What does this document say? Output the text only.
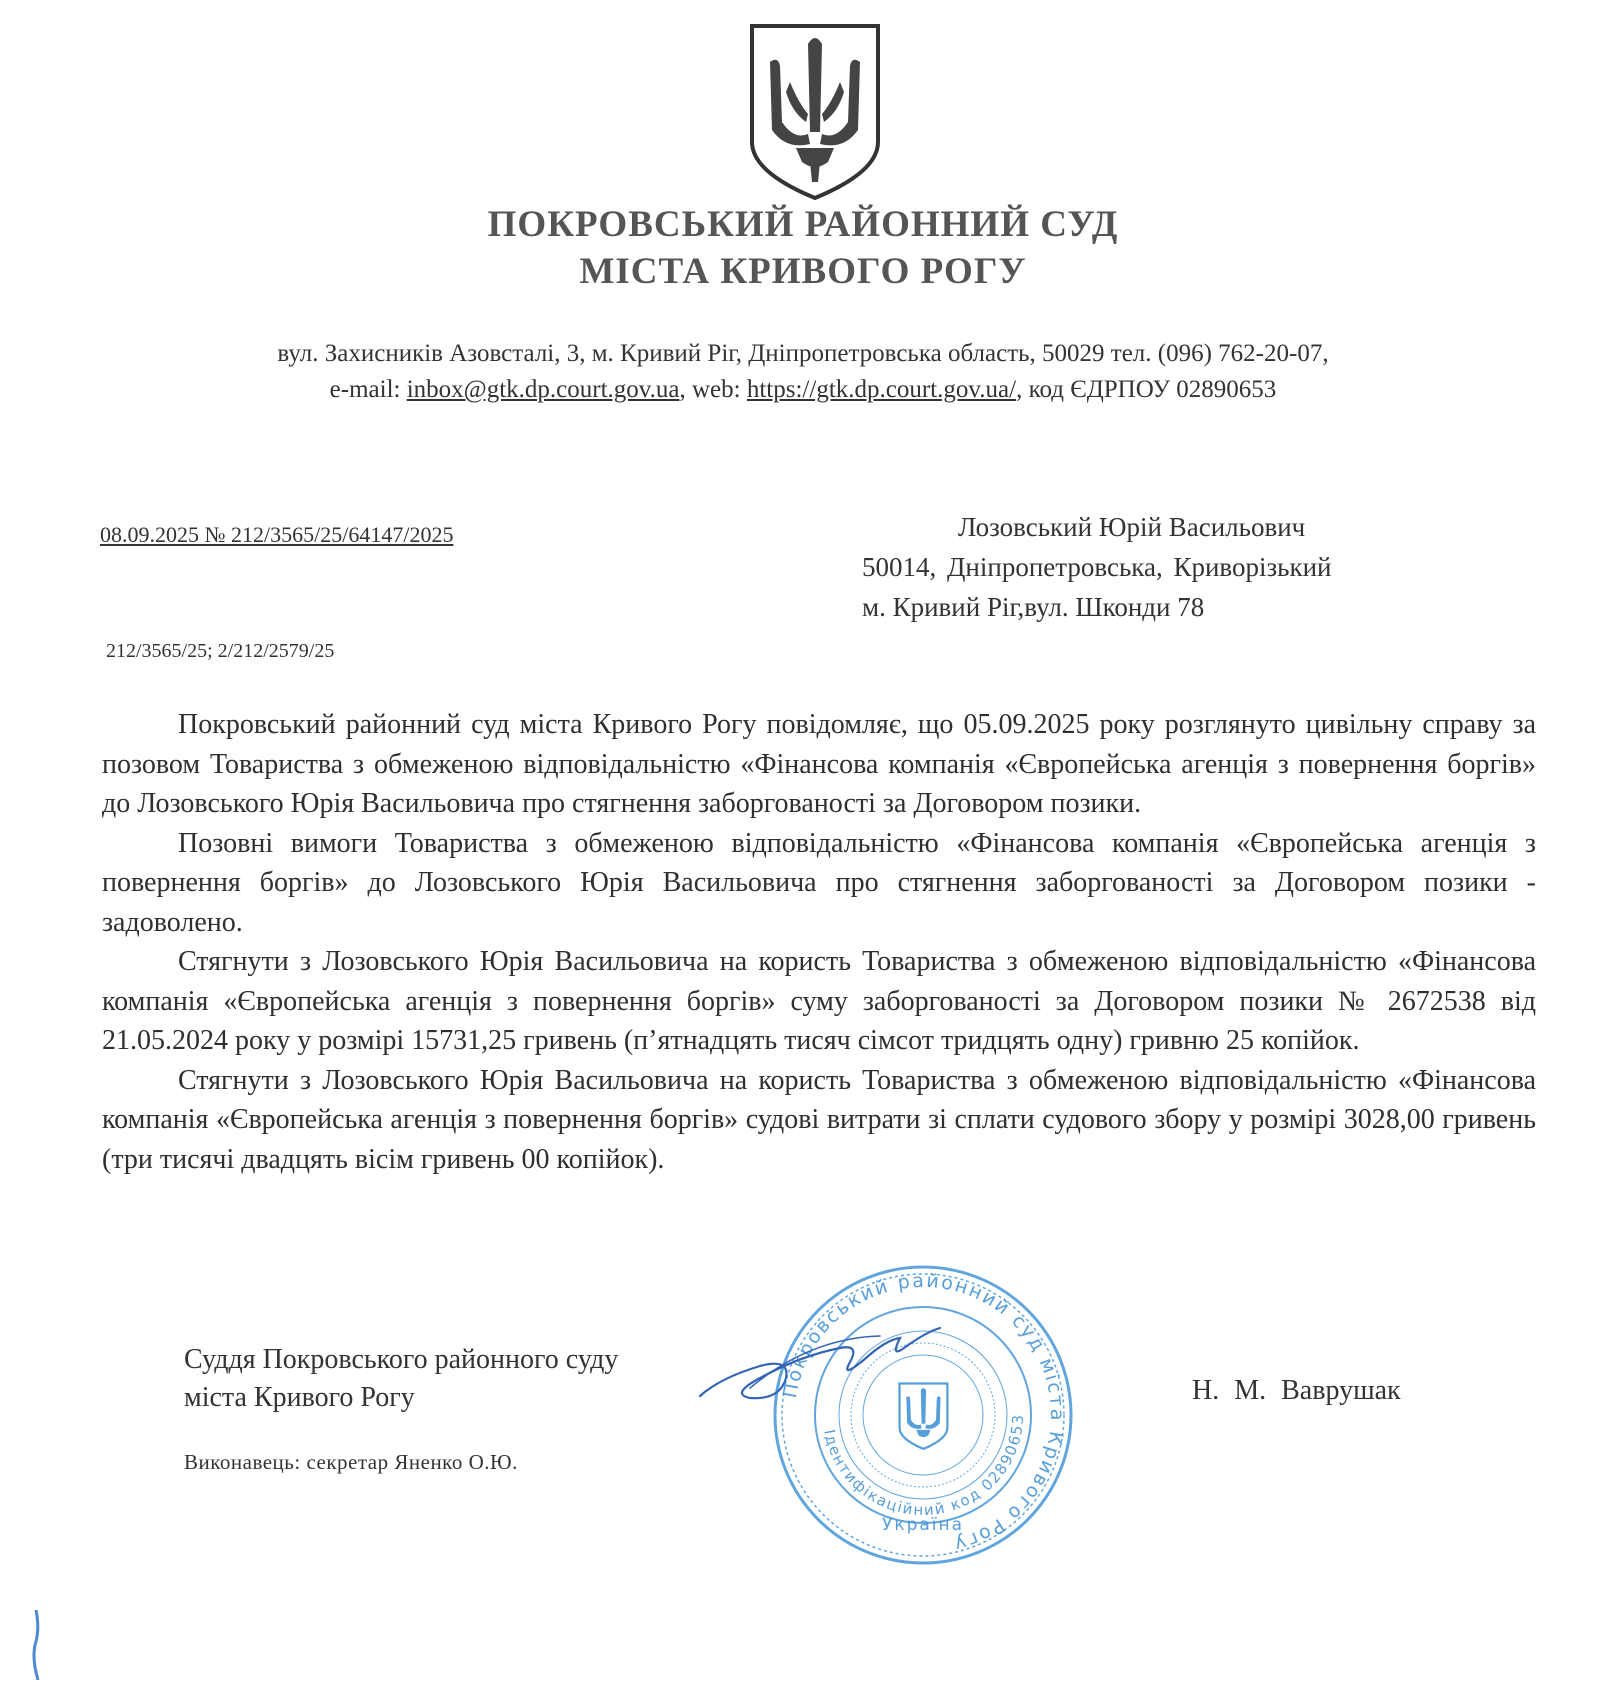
ПОКРОВСЬКИЙ РАЙОННИЙ СУД
МІСТА КРИВОГО РОГУ
вул. Захисників Азовсталі, 3, м. Кривий Ріг, Дніпропетровська область, 50029 тел. (096) 762-20-07,
e-mail: inbox@gtk.dp.court.gov.ua, web: https://gtk.dp.court.gov.ua/, код ЄДРПОУ 02890653
08.09.2025 № 212/3565/25/64147/2025
212/3565/25; 2/212/2579/25
Лозовський Юрій Васильович
50014, Дніпропетровська, Криворізький
м. Кривий Ріг,вул. Шконди 78

Покровський районний суд міста Кривого Рогу повідомляє, що 05.09.2025 року розглянуто цивільну справу за позовом Товариства з обмеженою відповідальністю «Фінансова компанія «Європейська агенція з повернення боргів» до Лозовського Юрія Васильовича про стягнення заборгованості за Договором позики.

Позовні вимоги Товариства з обмеженою відповідальністю «Фінансова компанія «Європейська агенція з повернення боргів» до Лозовського Юрія Васильовича про стягнення заборгованості за Договором позики - задоволено.

Стягнути з Лозовського Юрія Васильовича на користь Товариства з обмеженою відповідальністю «Фінансова компанія «Європейська агенція з повернення боргів» суму заборгованості за Договором позики № 2672538 від 21.05.2024 року у розмірі 15731,25 гривень (п’ятнадцять тисяч сімсот тридцять одну) гривню 25 копійок.

Стягнути з Лозовського Юрія Васильовича на користь Товариства з обмеженою відповідальністю «Фінансова компанія «Європейська агенція з повернення боргів» судові витрати зі сплати судового збору у розмірі 3028,00 гривень (три тисячі двадцять вісім гривень 00 копійок).

Суддя Покровського районного суду
міста Кривого Рогу	Н. М. Ваврушак
Виконавець: секретар Яненко О.Ю.
Покровський районний суд міста Кривого Рогу
Ідентифікаційний код 02890653
Україна
